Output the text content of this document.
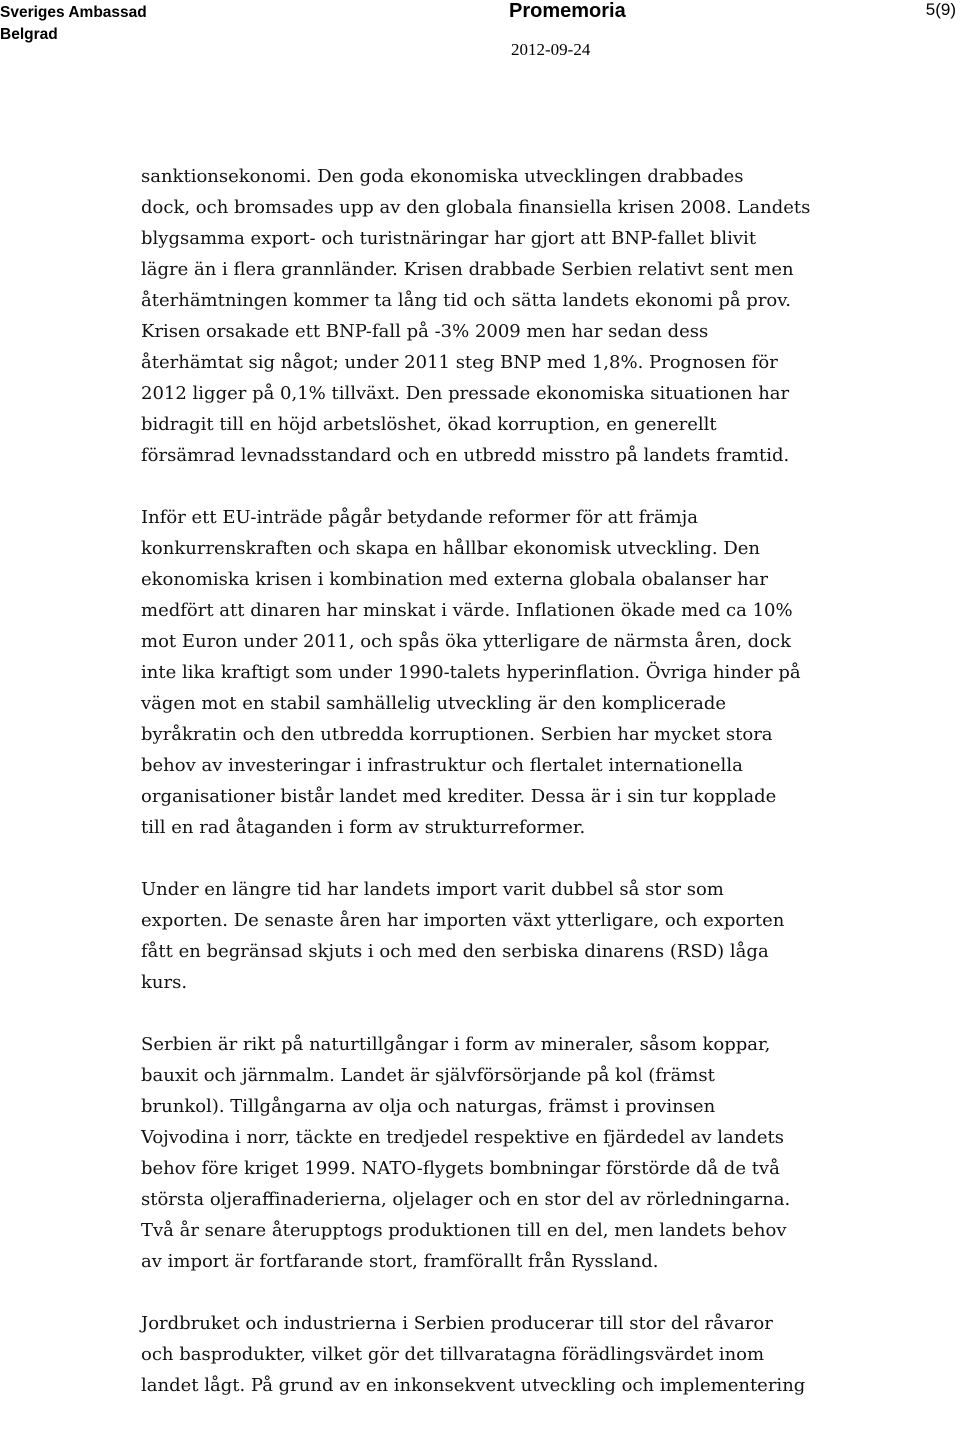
Sveriges Ambassad
Belgrad
Promemoria
2012-09-24
5(9)

sanktionsekonomi. Den goda ekonomiska utvecklingen drabbades
dock, och bromsades upp av den globala finansiella krisen 2008. Landets
blygsamma export- och turistnäringar har gjort att BNP-fallet blivit
lägre än i flera grannländer. Krisen drabbade Serbien relativt sent men
återhämtningen kommer ta lång tid och sätta landets ekonomi på prov.
Krisen orsakade ett BNP-fall på -3% 2009 men har sedan dess
återhämtat sig något; under 2011 steg BNP med 1,8%. Prognosen för
2012 ligger på 0,1% tillväxt. Den pressade ekonomiska situationen har
bidragit till en höjd arbetslöshet, ökad korruption, en generellt
försämrad levnadsstandard och en utbredd misstro på landets framtid.

Inför ett EU-inträde pågår betydande reformer för att främja
konkurrenskraften och skapa en hållbar ekonomisk utveckling. Den
ekonomiska krisen i kombination med externa globala obalanser har
medfört att dinaren har minskat i värde. Inflationen ökade med ca 10%
mot Euron under 2011, och spås öka ytterligare de närmsta åren, dock
inte lika kraftigt som under 1990-talets hyperinflation. Övriga hinder på
vägen mot en stabil samhällelig utveckling är den komplicerade
byråkratin och den utbredda korruptionen. Serbien har mycket stora
behov av investeringar i infrastruktur och flertalet internationella
organisationer bistår landet med krediter. Dessa är i sin tur kopplade
till en rad åtaganden i form av strukturreformer.

Under en längre tid har landets import varit dubbel så stor som
exporten. De senaste åren har importen växt ytterligare, och exporten
fått en begränsad skjuts i och med den serbiska dinarens (RSD) låga
kurs.

Serbien är rikt på naturtillgångar i form av mineraler, såsom koppar,
bauxit och järnmalm. Landet är självförsörjande på kol (främst
brunkol). Tillgångarna av olja och naturgas, främst i provinsen
Vojvodina i norr, täckte en tredjedel respektive en fjärdedel av landets
behov före kriget 1999. NATO-flygets bombningar förstörde då de två
största oljeraffinaderierna, oljelager och en stor del av rörledningarna.
Två år senare återupptogs produktionen till en del, men landets behov
av import är fortfarande stort, framförallt från Ryssland.

Jordbruket och industrierna i Serbien producerar till stor del råvaror
och basprodukter, vilket gör det tillvaratagna förädlingsvärdet inom
landet lågt. På grund av en inkonsekvent utveckling och implementering
